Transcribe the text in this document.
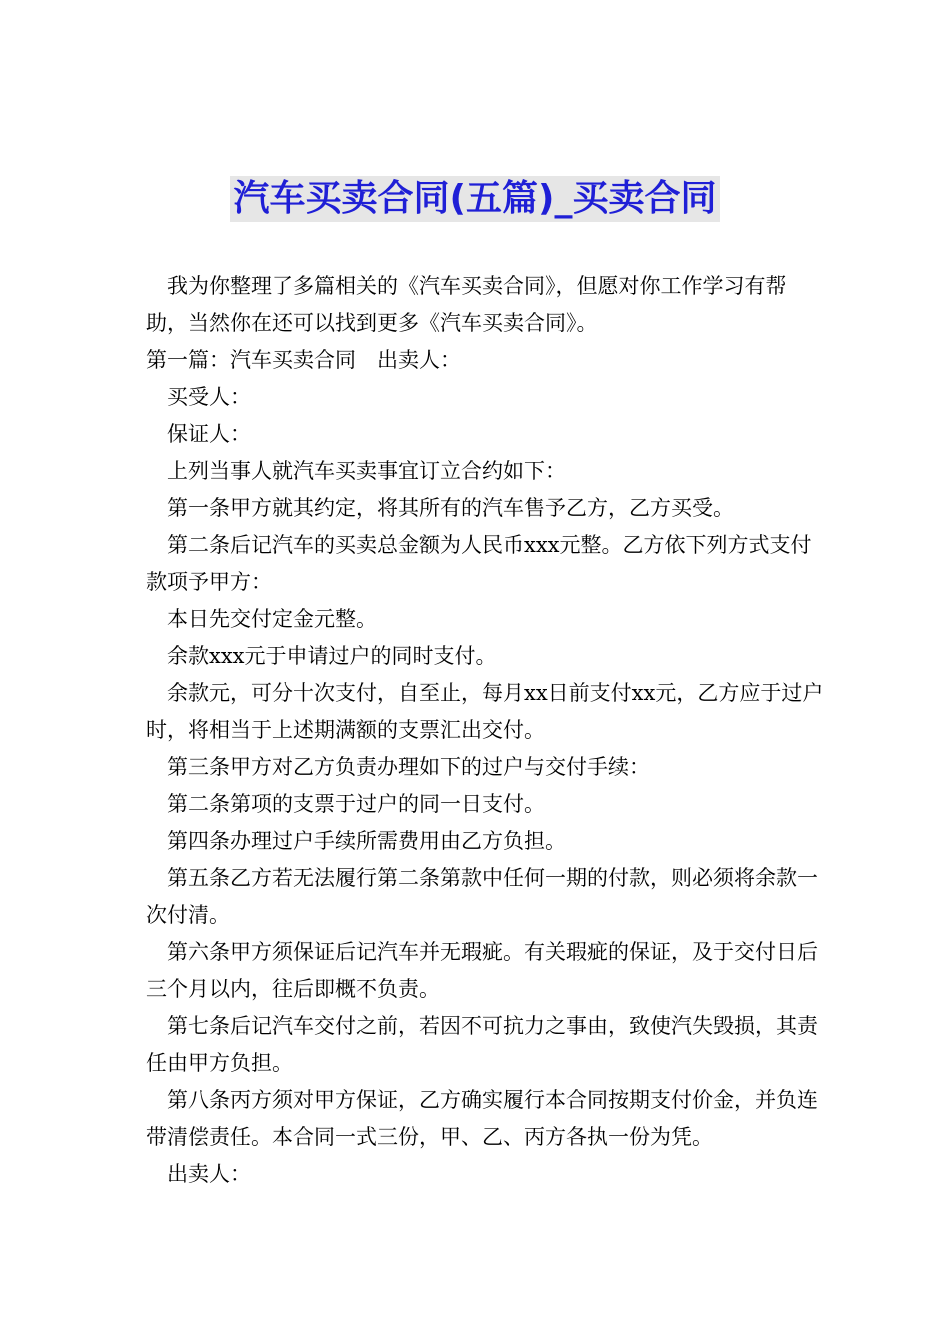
汽车买卖合同(五篇)_买卖合同

我为你整理了多篇相关的《汽车买卖合同》，但愿对你工作学习有帮助，当然你在还可以找到更多《汽车买卖合同》。

第一篇：汽车买卖合同　出卖人：

买受人：

保证人：

上列当事人就汽车买卖事宜订立合约如下：

第一条甲方就其约定，将其所有的汽车售予乙方，乙方买受。

第二条后记汽车的买卖总金额为人民币xxx元整。乙方依下列方式支付款项予甲方：

本日先交付定金元整。

余款xxx元于申请过户的同时支付。

余款元，可分十次支付，自至止，每月xx日前支付xx元，乙方应于过户时，将相当于上述期满额的支票汇出交付。

第三条甲方对乙方负责办理如下的过户与交付手续：

第二条第项的支票于过户的同一日支付。

第四条办理过户手续所需费用由乙方负担。

第五条乙方若无法履行第二条第款中任何一期的付款，则必须将余款一次付清。

第六条甲方须保证后记汽车并无瑕疵。有关瑕疵的保证，及于交付日后三个月以内，往后即概不负责。

第七条后记汽车交付之前，若因不可抗力之事由，致使汽失毁损，其责任由甲方负担。

第八条丙方须对甲方保证，乙方确实履行本合同按期支付价金，并负连带清偿责任。本合同一式三份，甲、乙、丙方各执一份为凭。

出卖人：
